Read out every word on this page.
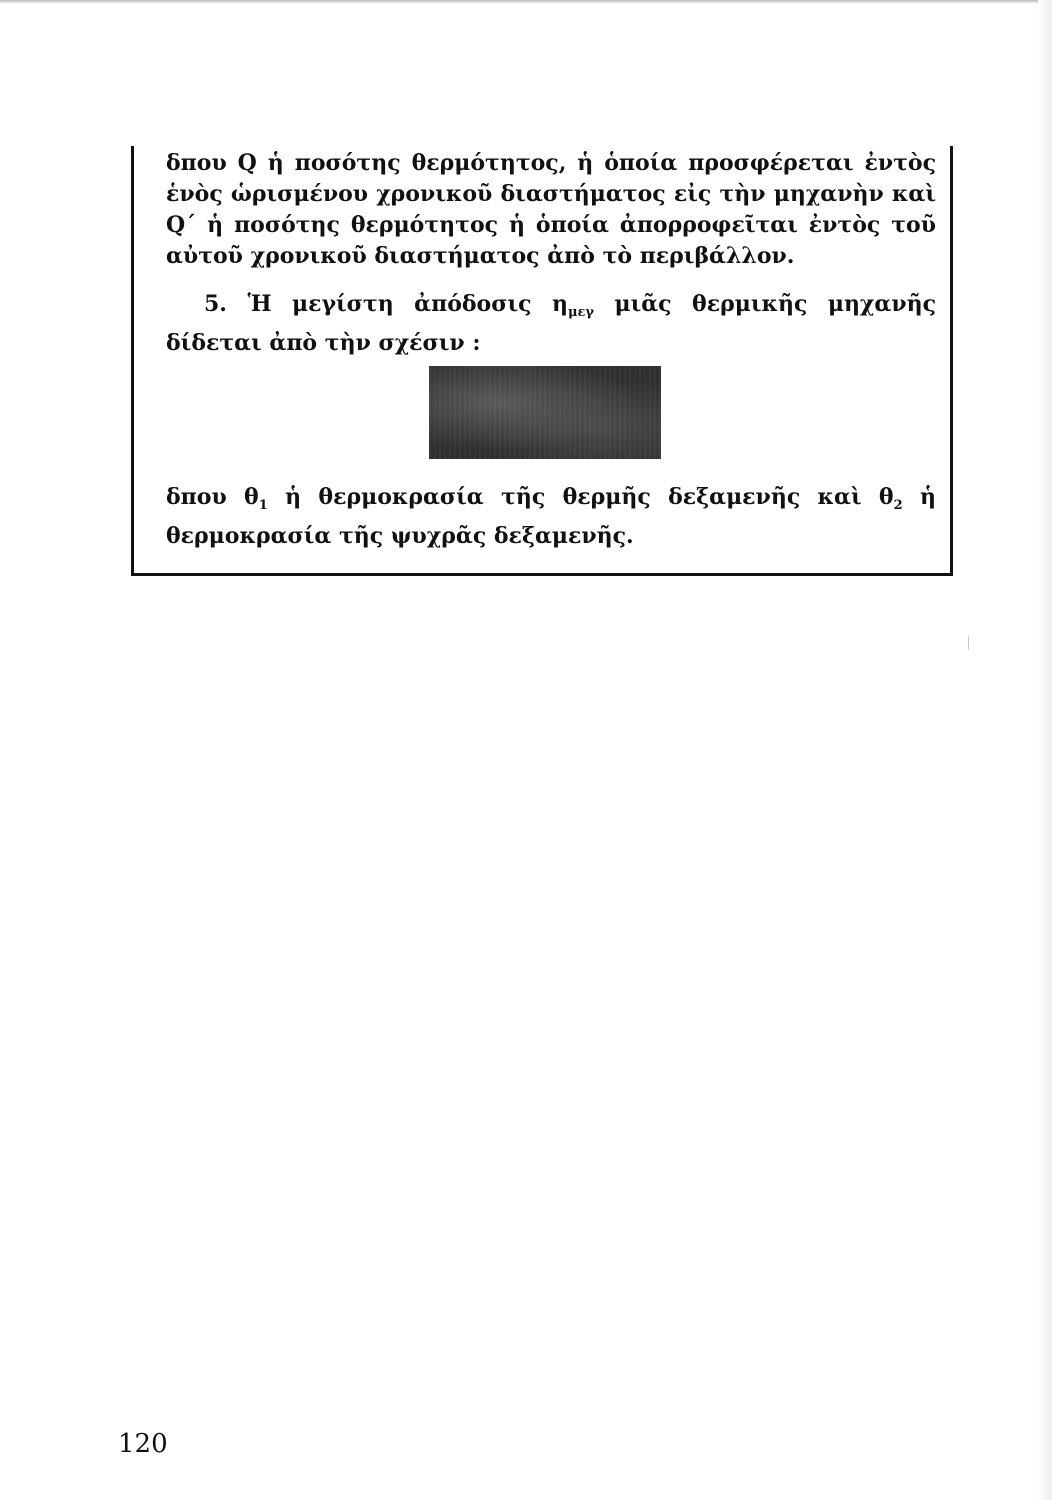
δπου Q ἡ ποσότης θερμότητος, ἡ ὁποία προσφέρεται ἐντὸς ἑνὸς ὡρισμένου χρονικοῦ διαστήματος εἰς τὴν μηχανὴν καὶ Q΄ ἡ ποσότης θερμότητος ἡ ὁποία ἀπορροφεῖται ἐντὸς τοῦ αὐτοῦ χρονικοῦ διαστήματος ἀπὸ τὸ περιβάλλον.

5. Ἡ μεγίστη ἀπόδοσις $\eta_{\mu\varepsilon\gamma}$ μιᾶς θερμικῆς μηχανῆς δίδεται ἀπὸ τὴν σχέσιν :

δπου $\theta_1$ ἡ θερμοκρασία τῆς θερμῆς δεξαμενῆς καὶ $\theta_2$ ἡ θερμοκρασία τῆς ψυχρᾶς δεξαμενῆς.

120
